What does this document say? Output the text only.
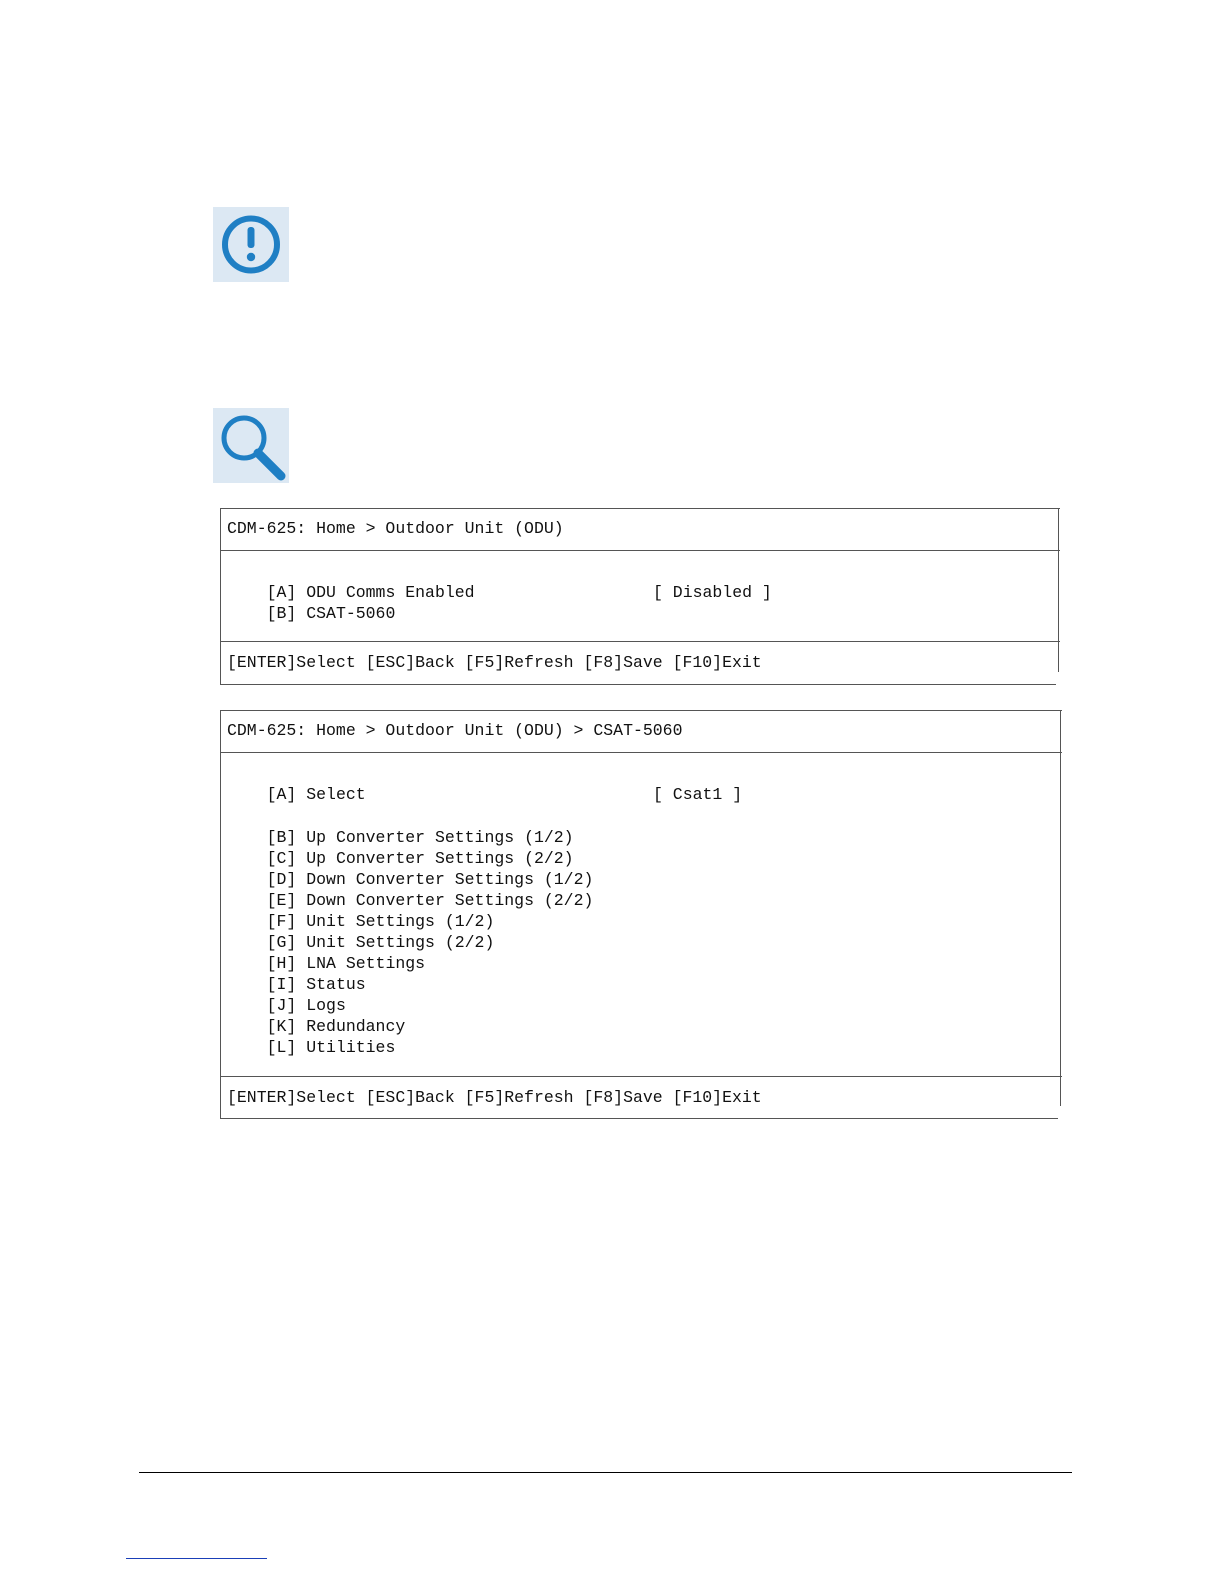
CDM-625: Home > Outdoor Unit (ODU)

[A] ODU Comms Enabled	[ Disabled ]

[B] CSAT-5060

[ENTER]Select [ESC]Back [F5]Refresh [F8]Save [F10]Exit
CDM-625: Home > Outdoor Unit (ODU) > CSAT-5060

[A] Select	[ Csat1 ]

[B] Up Converter Settings (1/2)

[C] Up Converter Settings (2/2)

[D] Down Converter Settings (1/2)

[E] Down Converter Settings (2/2)

[F] Unit Settings (1/2)

[G] Unit Settings (2/2)

[H] LNA Settings

[I] Status

[J] Logs

[K] Redundancy

[L] Utilities

[ENTER]Select [ESC]Back [F5]Refresh [F8]Save [F10]Exit
